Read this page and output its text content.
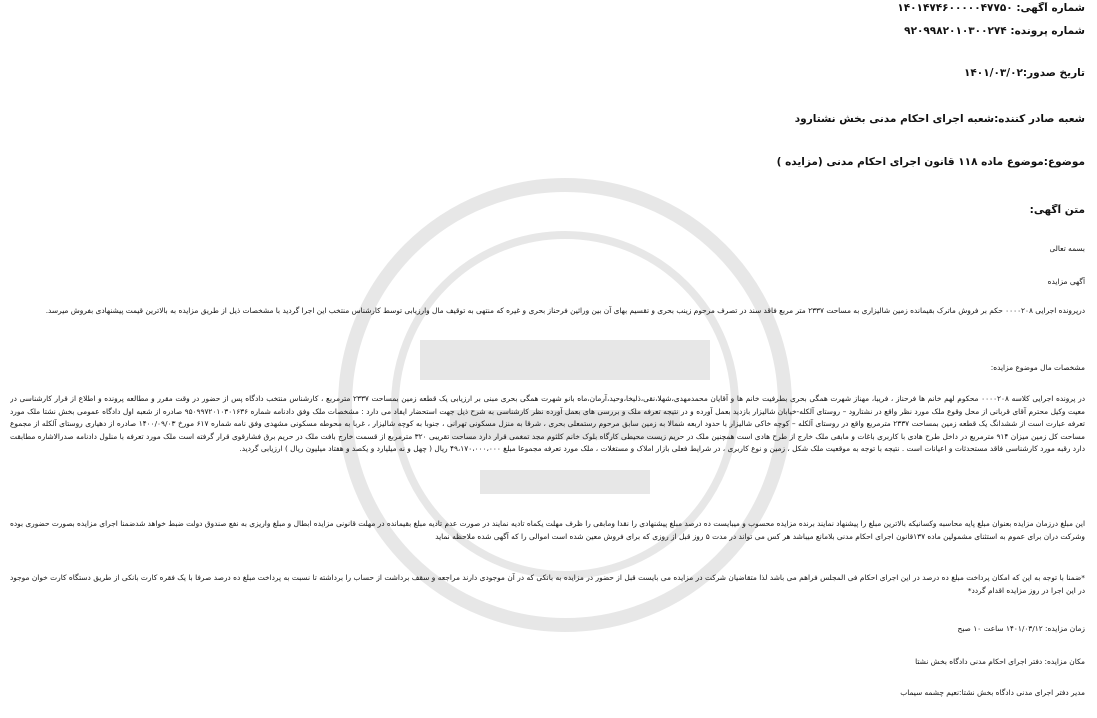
شماره آگهی: ۱۴۰۱۴۷۴۶۰۰۰۰۰۴۷۷۵۰
شماره پرونده: ۹۲۰۹۹۸۲۰۱۰۳۰۰۲۷۴
تاریخ صدور:۱۴۰۱/۰۳/۰۲
شعبه صادر کننده:شعبه اجرای احکام مدنی بخش نشتارود
موضوع:موضوع ماده ۱۱۸ قانون اجرای احکام مدنی (مزایده )
متن آگهی:
بسمه تعالی
آگهی مزایده
درپرونده اجرایی ۰۰۰۰۲۰۸ حکم بر فروش ماترک بقیمانده زمین شالیزاری به مساحت ۲۳۳۷ متر مربع فاقد سند در تصرف مرحوم زینب بحری و تقسیم بهای آن بین وراثین فرحناز بحری و غیره که منتهی به توقیف مال وارزیابی توسط کارشناس منتخب این اجرا گردید با مشخصات ذیل از طریق مزایده به بالاترین قیمت پیشنهادی بفروش میرسد.
مشخصات مال موضوع مزایده:
در پرونده اجرایی کلاسه ۰۰۰۰۲۰۸ محکوم لهم خانم ها فرحناز ، فریبا، مهناز شهرت همگی بحری بطرفیت خانم ها و آقایان محمدمهدی،شهلا،نقی،ذلیخا،وحید،آرمان،ماه بانو شهرت همگی بحری مبنی بر ارزیابی یک قطعه زمین بمساحت ۲۳۳۷ مترمربع ، کارشناس منتخب دادگاه پس از حضور در وقت مقرر و مطالعه پرونده و اطلاع از قرار کارشناسی در معیت وکیل محترم آقای قربانی از محل وقوع ملک مورد نظر واقع در نشتارود – روستای آلکله-خیابان شالیزار بازدید بعمل آورده و در نتیجه تعرفه ملک و بررسی های بعمل آورده نظر کارشناسی به شرح ذیل جهت استحضار ایفاد می دارد : مشخصات ملک وفق دادنامه شماره ۹۵۰۹۹۷۲۰۱۰۳۰۱۶۳۶ صادره از شعبه اول دادگاه عمومی بخش نشتا ملک مورد تعرفه عبارت است از ششدانگ یک قطعه زمین بمساحت ۲۳۳۷ مترمربع واقع در روستای آلکله – کوچه خاکی شالیزار با حدود اربعه شمالا به زمین سابق مرحوم رستمعلی بحری ، شرقا به منزل مسکونی تهرانی ، جنوبا به کوچه شالیزار ، غربا به محوطه مسکونی مشهدی وفق نامه شماره ۶۱۷ مورخ ۱۴۰۰/۰۹/۰۳ صادره از دهیاری روستای آلکله از مجموع مساحت کل زمین میزان ۹۱۴ مترمربع در داخل طرح هادی با کاربری باغات و مابقی ملک خارج از طرح هادی است همچنین ملک در حریم زیست محیطی کارگاه بلوک خانم کلثوم مجد تمغمی قرار دارد مساحت تقریبی ۳۲۰ مترمربع از قسمت خارج بافت ملک در حریم برق فشارقوی قرار گرفته است ملک مورد تعرفه با منلول دادنامه صدرالاشاره مطابقت دارد رقبه مورد کارشناسی فاقد مستحدثات و اعیانات است . نتیجه با توجه به موقعیت ملک شکل ، زمین و نوع کاربری ، در شرایط فعلی بازار املاک و مستغلات ، ملک مورد تعرفه مجموعا مبلغ ۴۹،۱۷۰،۰۰۰،۰۰۰ ریال ( چهل و نه میلیارد و یکصد و هفتاد میلیون ریال ) ارزیابی گردید.
این مبلغ درزمان مزایده بعنوان مبلغ پایه محاسبه وکسانیکه بالاترین مبلغ را پیشنهاد نمایند برنده مزایده محسوب و میبایست ده درصد مبلغ پیشنهادی را نقدا ومابقی را ظرف مهلت یکماه تادیه نمایند در صورت عدم تادیه مبلغ بقیمانده در مهلت قانونی مزایده ابطال و مبلغ واریزی به نفع صندوق دولت ضبط خواهد شدضمنا اجرای مزایده بصورت حضوری بوده وشرکت دران برای عموم به استثنای مشمولین ماده ۱۳۷قانون اجرای احکام مدنی بلامانع میباشد هر کس می تواند در مدت ۵ روز قبل از روزی که برای فروش معین شده است اموالی را که آگهی شده ملاحظه نماید
*ضمنا با توجه به این که امکان پرداخت مبلغ ده درصد در این اجرای احکام فی المجلس فراهم می باشد لذا متقاضیان شرکت در مزایده می بایست قبل از حضور در مزایده به بانکی که در آن موجودی دارند مراجعه و سقف برداشت از حساب را برداشته تا نسبت به پرداخت مبلغ ده درصد صرفا با یک فقره کارت بانکی از طریق دستگاه کارت خوان موجود در این اجرا در روز مزایده اقدام گردد*
زمان مزایده: ۱۴۰۱/۰۳/۱۲ ساعت ۱۰ صبح
مکان مزایده: دفتر اجرای احکام مدنی دادگاه بخش نشتا
مدیر دفتر اجرای مدنی دادگاه بخش نشتا:نعیم چشمه سیماب
